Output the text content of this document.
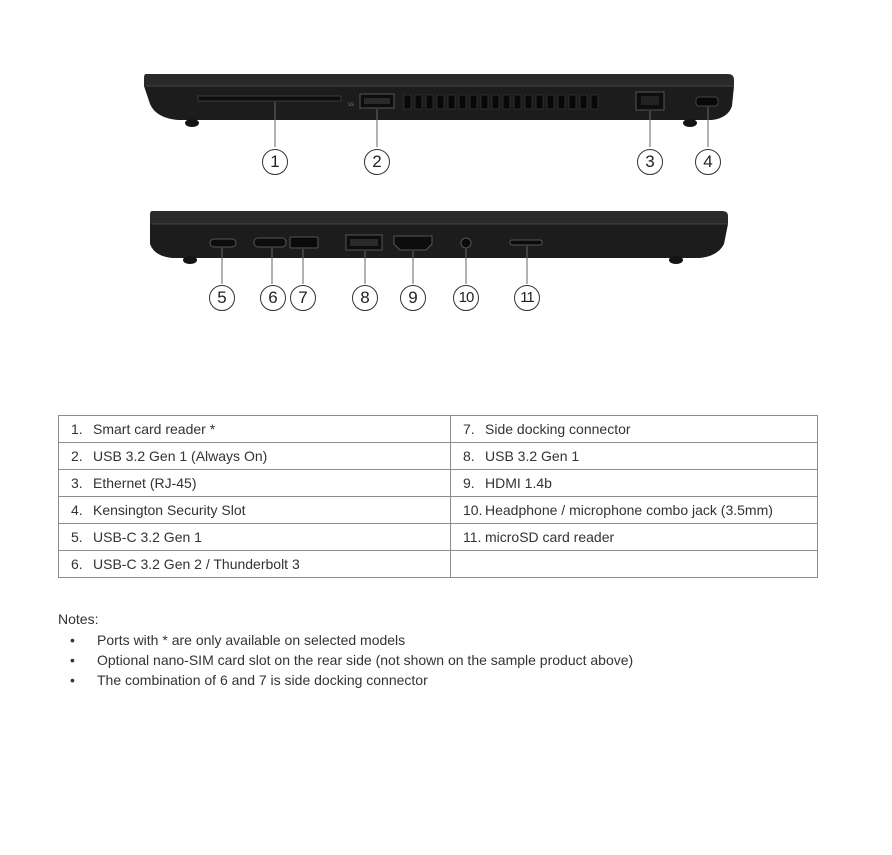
ss
1	2	3	4
5	6	7	8	9	10	11
1. Smart card reader *	7. Side docking connector
2. USB 3.2 Gen 1 (Always On)	8. USB 3.2 Gen 1
3. Ethernet (RJ-45)	9. HDMI 1.4b
4. Kensington Security Slot	10. Headphone / microphone combo jack (3.5mm)
5. USB-C 3.2 Gen 1	11. microSD card reader
6. USB-C 3.2 Gen 2 / Thunderbolt 3	
Notes:
• Ports with * are only available on selected models
• Optional nano-SIM card slot on the rear side (not shown on the sample product above)
• The combination of 6 and 7 is side docking connector
